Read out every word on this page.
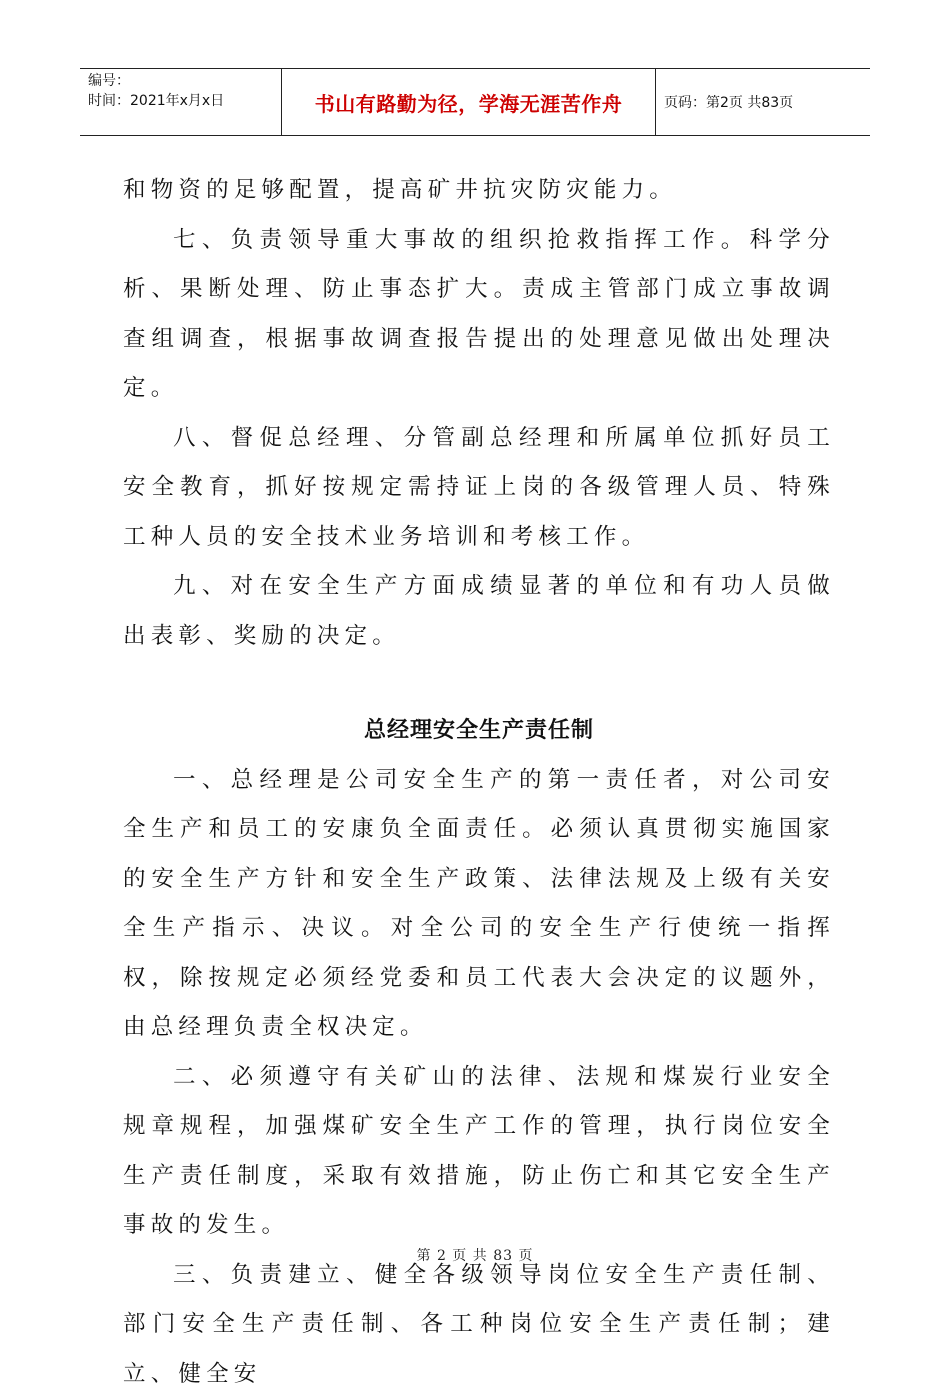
编号：
时间：2021年x月x日	书山有路勤为径，学海无涯苦作舟	页码：第2页 共83页

和物资的足够配置，提高矿井抗灾防灾能力。

七、负责领导重大事故的组织抢救指挥工作。科学分析、果断处理、防止事态扩大。责成主管部门成立事故调查组调查，根据事故调查报告提出的处理意见做出处理决定。

八、督促总经理、分管副总经理和所属单位抓好员工安全教育，抓好按规定需持证上岗的各级管理人员、特殊工种人员的安全技术业务培训和考核工作。

九、对在安全生产方面成绩显著的单位和有功人员做出表彰、奖励的决定。

总经理安全生产责任制

一、总经理是公司安全生产的第一责任者，对公司安全生产和员工的安康负全面责任。必须认真贯彻实施国家的安全生产方针和安全生产政策、法律法规及上级有关安全生产指示、决议。对全公司的安全生产行使统一指挥权，除按规定必须经党委和员工代表大会决定的议题外，由总经理负责全权决定。

二、必须遵守有关矿山的法律、法规和煤炭行业安全规章规程，加强煤矿安全生产工作的管理，执行岗位安全生产责任制度，采取有效措施，防止伤亡和其它安全生产事故的发生。

三、负责建立、健全各级领导岗位安全生产责任制、部门安全生产责任制、各工种岗位安全生产责任制；建立、健全安

第 2 页 共 83 页
